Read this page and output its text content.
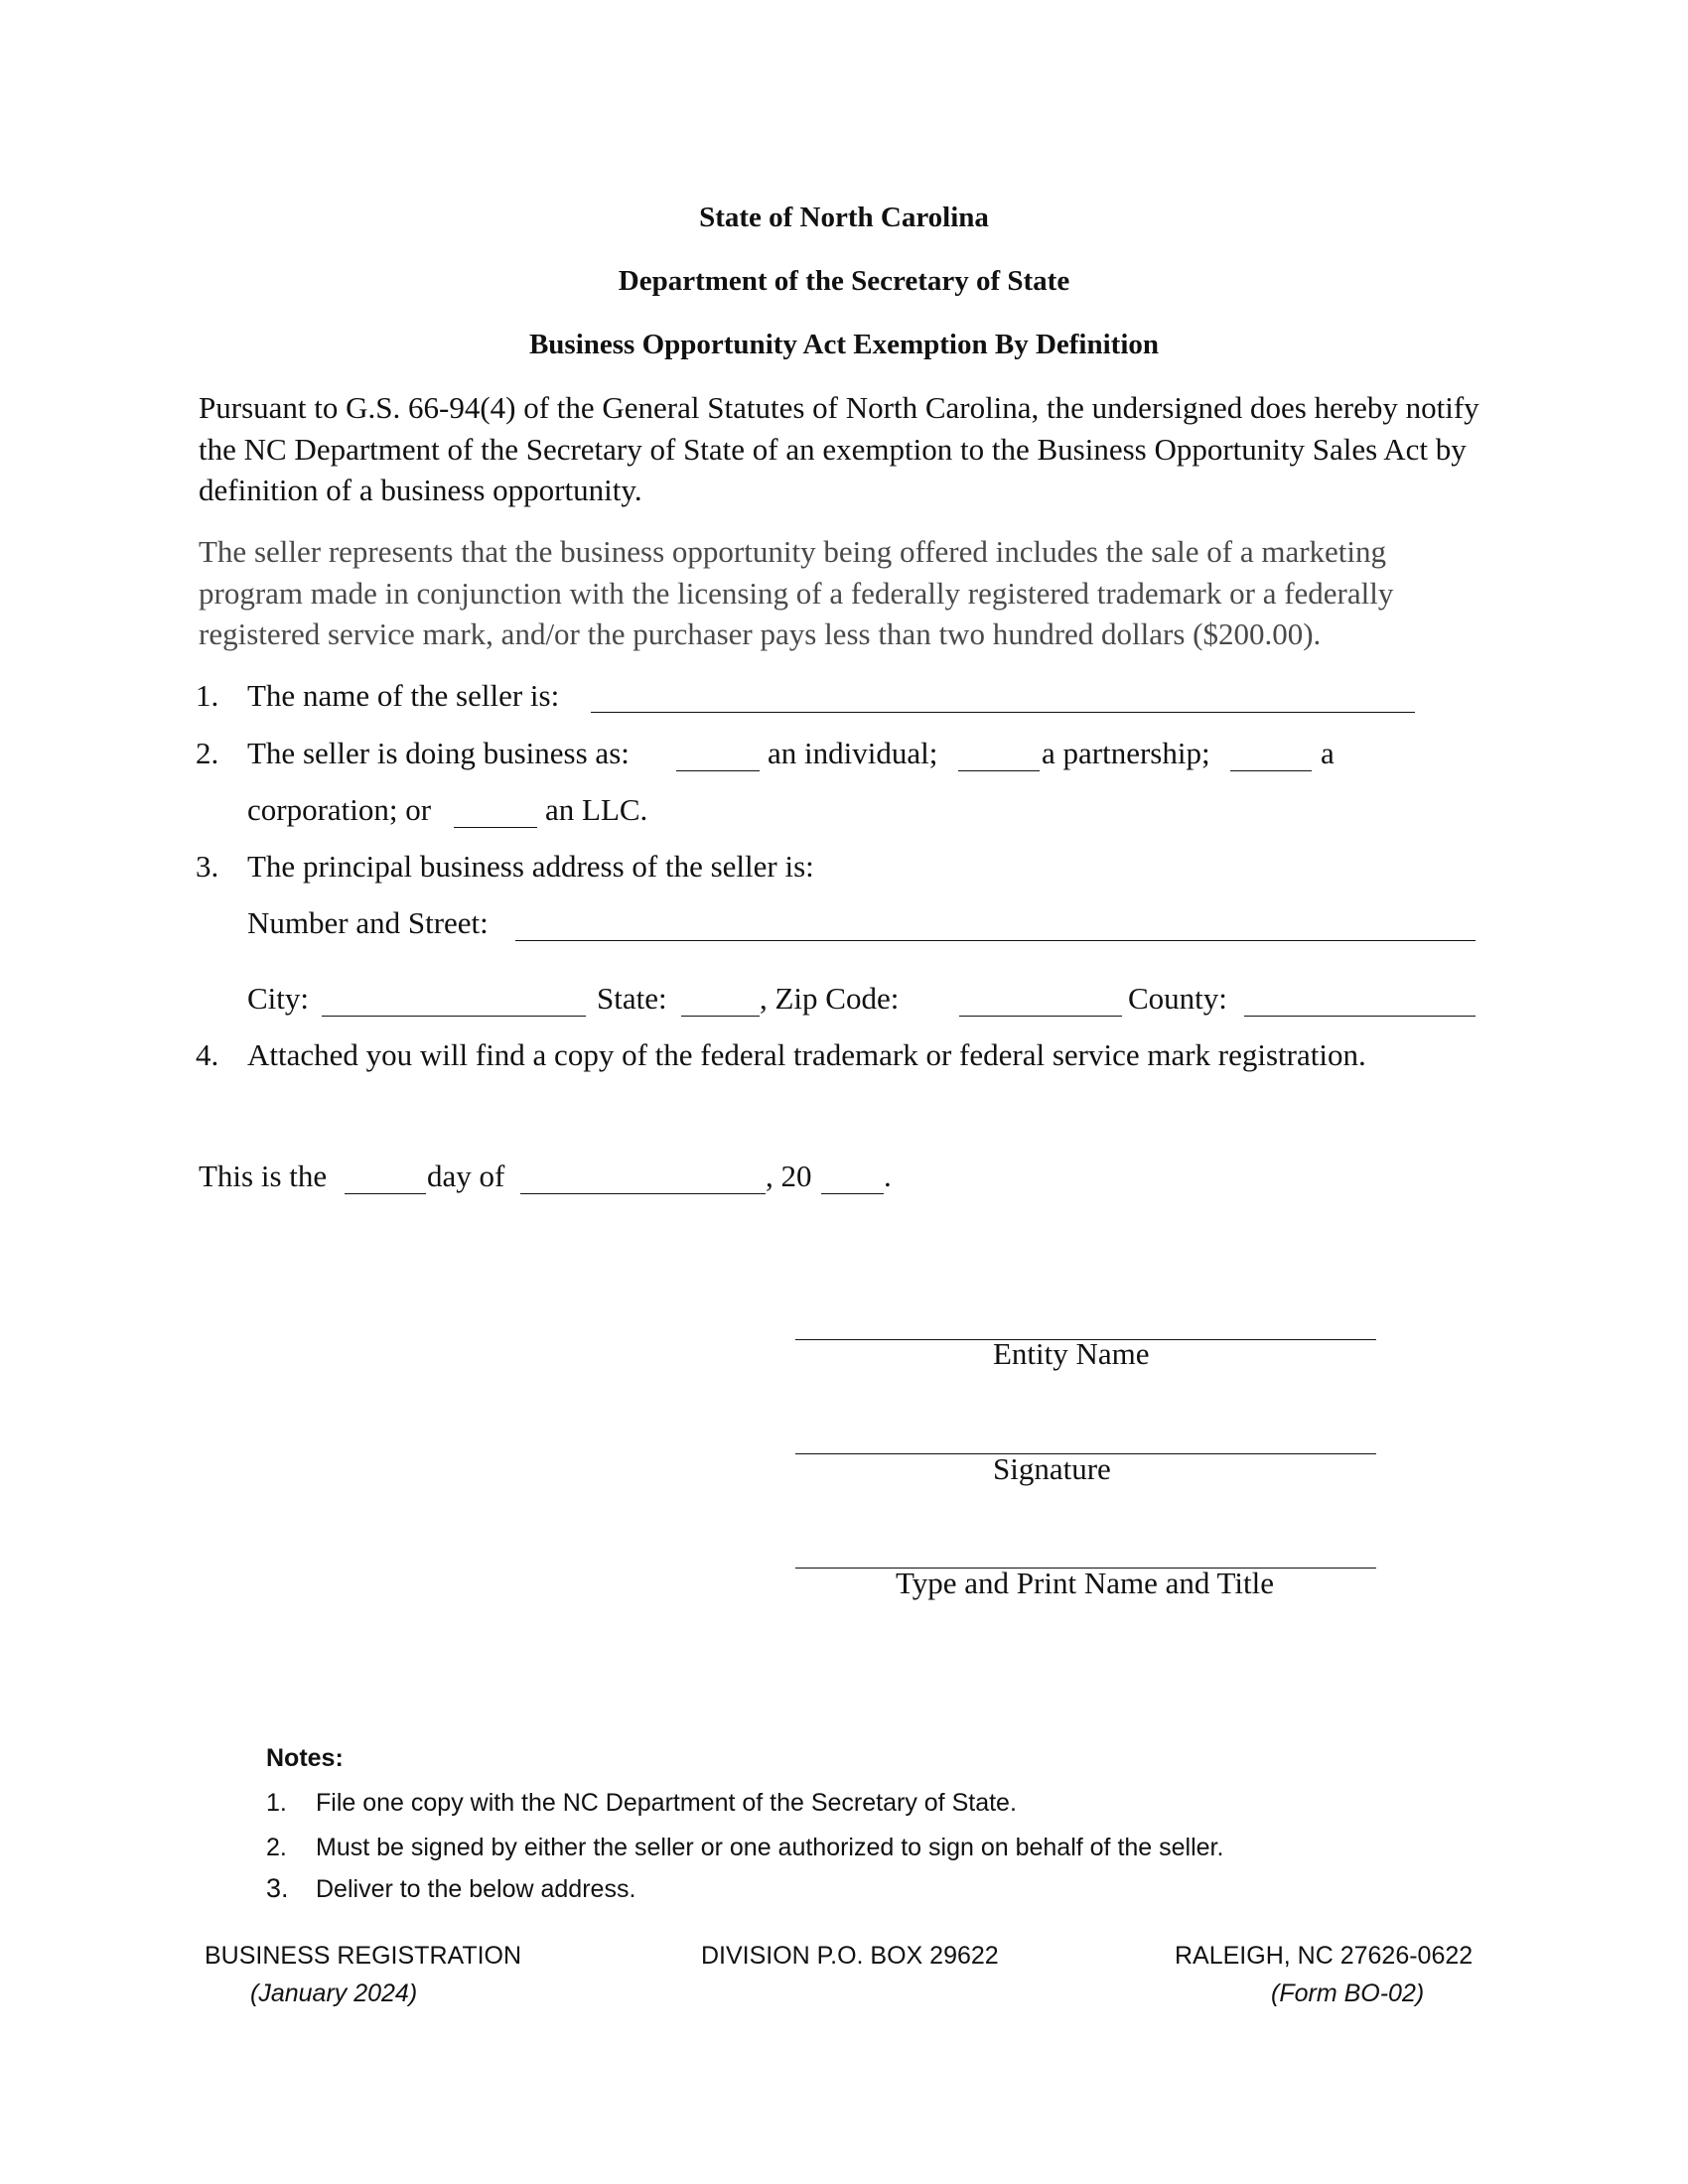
State of North Carolina
Department of the Secretary of State
Business Opportunity Act Exemption By Definition
Pursuant to G.S. 66-94(4) of the General Statutes of North Carolina, the undersigned does hereby notify the NC Department of the Secretary of State of an exemption to the Business Opportunity Sales Act by definition of a business opportunity.
The seller represents that the business opportunity being offered includes the sale of a marketing program made in conjunction with the licensing of a federally registered trademark or a federally registered service mark, and/or the purchaser pays less than two hundred dollars ($200.00).
1. The name of the seller is:
2. The seller is doing business as:	an individual;	a partnership;	a
corporation; or	an LLC.
3. The principal business address of the seller is:
Number and Street:
City:	State:	, Zip Code:	County:
4. Attached you will find a copy of the federal trademark or federal service mark registration.
This is the	day of	, 20 .
Entity Name
Signature
Type and Print Name and Title
Notes:
1. File one copy with the NC Department of the Secretary of State.
2. Must be signed by either the seller or one authorized to sign on behalf of the seller.
3. Deliver to the below address.
BUSINESS REGISTRATION	DIVISION P.O. BOX 29622	RALEIGH, NC 27626-0622
(January 2024)	(Form BO-02)
